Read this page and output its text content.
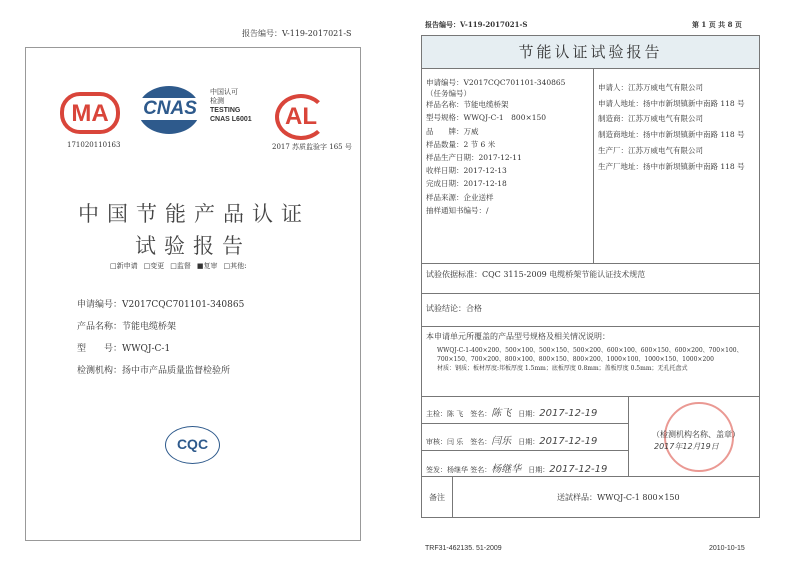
报告编号：V-119-2017021-S
MA
171020110163
CNAS
中国认可
检测
TESTING
CNAS L6001	AL
2017 苏质监验字 165 号
中国节能产品认证
试验报告
□新申请 □变更 □监督 ■复审 □其他:
申请编号：V2017CQC701101-340865
产品名称：节能电缆桥架
型　　号：WWQJ-C-1
检测机构：扬中市产品质量监督检验所
CQC
报告编号：V-119-2017021-S	第 1 页 共 8 页
节能认证试验报告
申请编号：V2017CQC701101-340865
（任务编号）
样品名称：节能电缆桥架
型号规格：WWQJ-C-1　800×150
品　　牌：万威
样品数量：2 节 6 米
样品生产日期：2017-12-11
收样日期：2017-12-13
完成日期：2017-12-18
样品来源：企业送样
抽样通知书编号：/
申请人：江苏万威电气有限公司
申请人地址：扬中市新坝镇新中南路 118 号
制造商：江苏万威电气有限公司
制造商地址：扬中市新坝镇新中南路 118 号
生产厂：江苏万威电气有限公司
生产厂地址：扬中市新坝镇新中南路 118 号
试验依据标准：CQC 3115-2009 电缆桥架节能认证技术规范
试验结论：合格
本申请单元所覆盖的产品型号规格及相关情况说明：
WWQJ-C-1-400×200、500×100、500×150、500×200、600×100、600×150、600×200、700×100、
700×150、700×200、800×100、800×150、800×200、1000×100、1000×150、1000×200
材质：钢质；板材厚度:邦板厚度 1.5mm；底板厚度 0.8mm；盖板厚度 0.5mm；无孔托盘式
主检：陈 飞　签名：陈飞　 日期：2017-12-19
审核：闫 乐　签名：闫乐　 日期：2017-12-19
签发：杨继华 签名：杨继华　 日期：2017-12-19
（检测机构名称、盖章）
2017年12月19日
备注	送試样品：WWQJ-C-1 800×150
TRF31-462135. 51-2009	2010-10-15
